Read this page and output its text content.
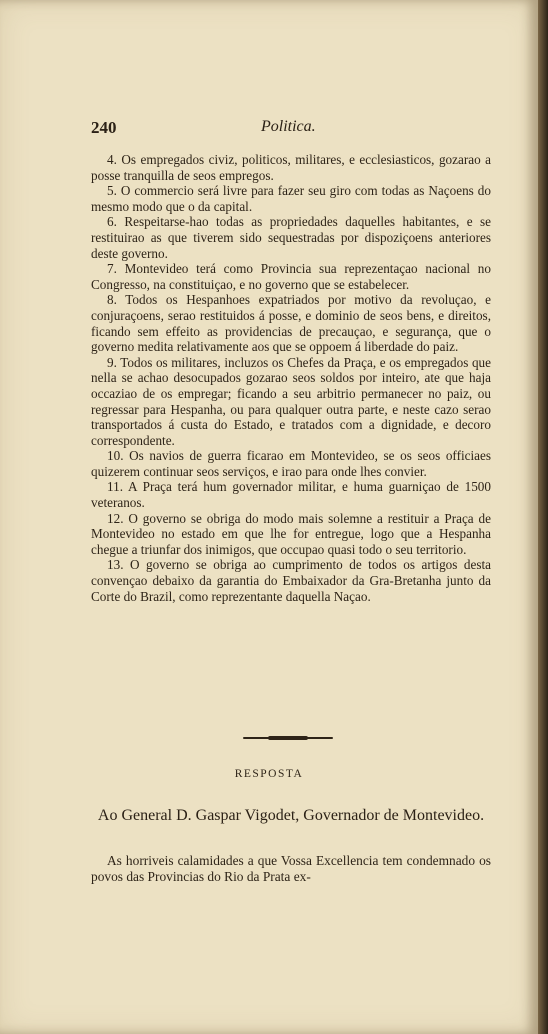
240	Politica.

4. Os empregados civiz, politicos, militares, e ecclesiasticos, gozarao a posse tranquilla de seos empregos.

5. O commercio será livre para fazer seu giro com todas as Naçoens do mesmo modo que o da capital.

6. Respeitarse-hao todas as propriedades daquelles habitantes, e se restituirao as que tiverem sido sequestradas por dispoziçoens anteriores deste governo.

7. Montevideo terá como Provincia sua reprezentaçao nacional no Congresso, na constituiçao, e no governo que se estabelecer.

8. Todos os Hespanhoes expatriados por motivo da revoluçao, e conjuraçoens, serao restituidos á posse, e dominio de seos bens, e direitos, ficando sem effeito as providencias de precauçao, e segurança, que o governo medita relativamente aos que se oppoem á liberdade do paiz.

9. Todos os militares, incluzos os Chefes da Praça, e os empregados que nella se achao desocupados gozarao seos soldos por inteiro, ate que haja occaziao de os empregar; ficando a seu arbitrio permanecer no paiz, ou regressar para Hespanha, ou para qualquer outra parte, e neste cazo serao transportados á custa do Estado, e tratados com a dignidade, e decoro correspondente.

10. Os navios de guerra ficarao em Montevideo, se os seos officiaes quizerem continuar seos serviços, e irao para onde lhes convier.

11. A Praça terá hum governador militar, e huma guarniçao de 1500 veteranos.

12. O governo se obriga do modo mais solemne a restituir a Praça de Montevideo no estado em que lhe for entregue, logo que a Hespanha chegue a triunfar dos inimigos, que occupao quasi todo o seu territorio.

13. O governo se obriga ao cumprimento de todos os artigos desta convençao debaixo da garantia do Embaixador da Gra-Bretanha junto da Corte do Brazil, como reprezentante daquella Naçao.

RESPOSTA
Ao General D. Gaspar Vigodet, Governador de Montevideo.

As horriveis calamidades a que Vossa Excellencia tem condemnado os povos das Provincias do Rio da Prata ex-
